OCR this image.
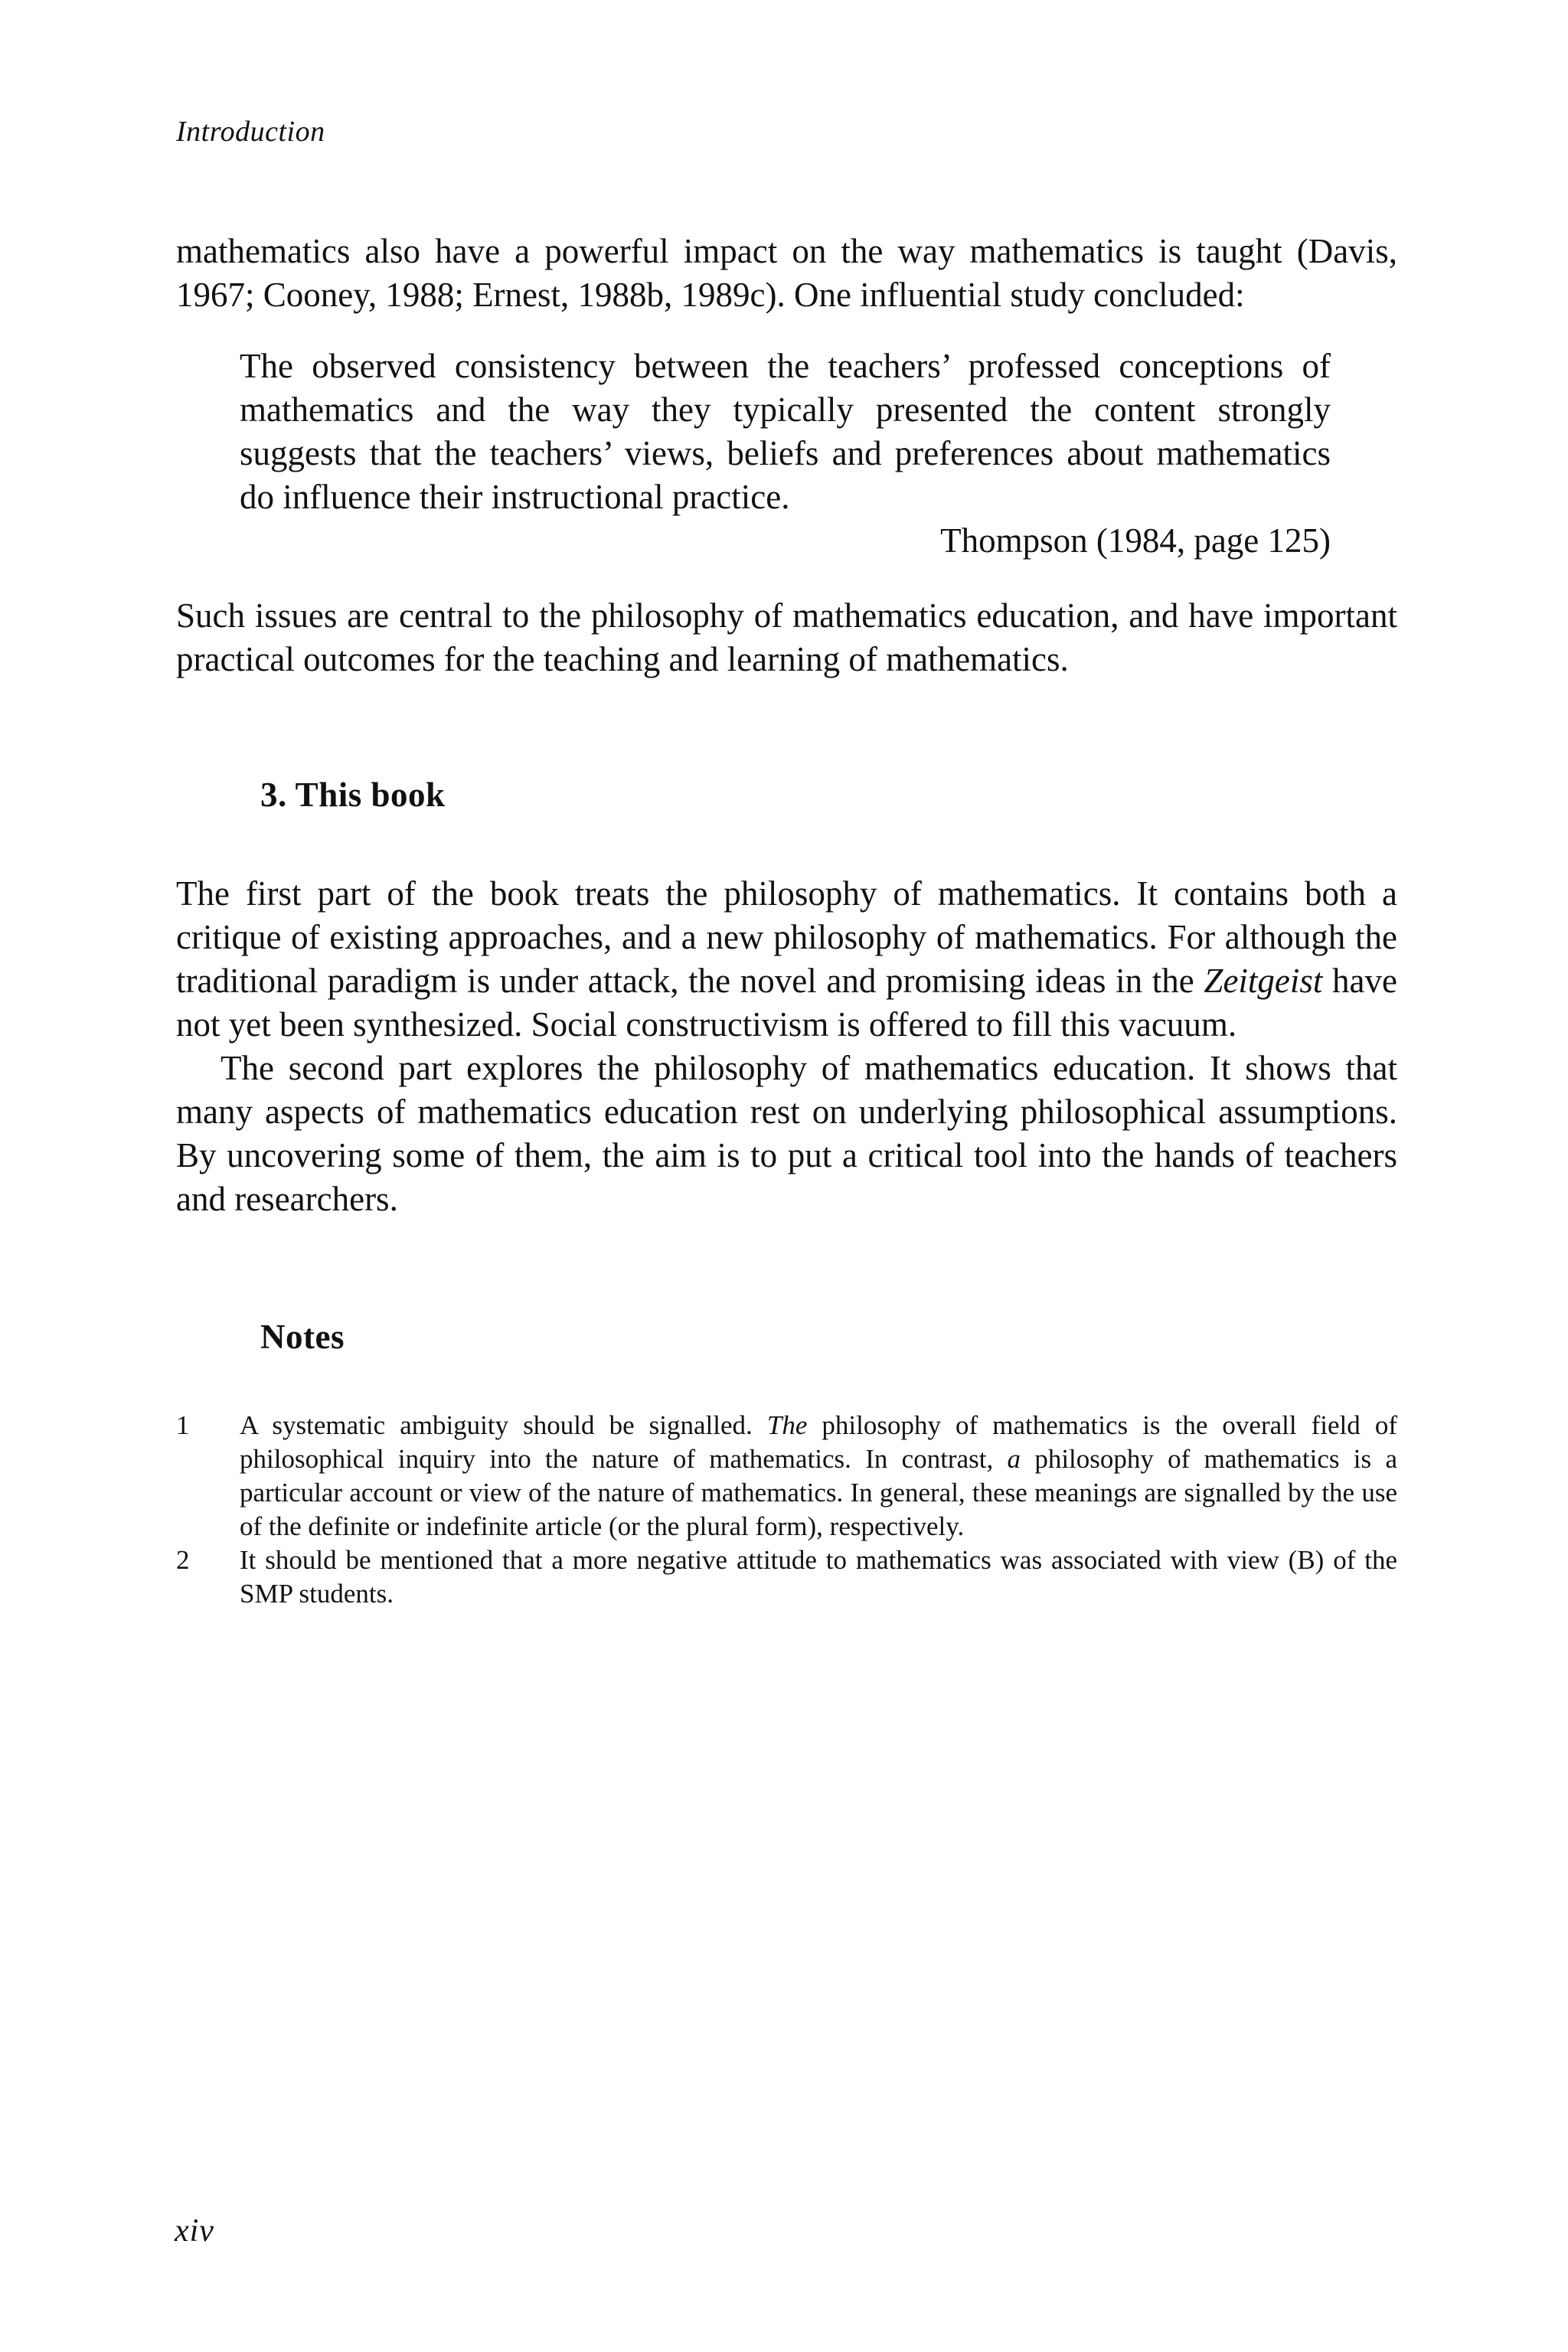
Introduction

mathematics also have a powerful impact on the way mathematics is taught (Davis, 1967; Cooney, 1988; Ernest, 1988b, 1989c). One influential study concluded:

The observed consistency between the teachers’ professed conceptions of mathematics and the way they typically presented the content strongly suggests that the teachers’ views, beliefs and preferences about mathematics do influence their instructional practice.

Thompson (1984, page 125)

Such issues are central to the philosophy of mathematics education, and have important practical outcomes for the teaching and learning of mathematics.

3. This book

The first part of the book treats the philosophy of mathematics. It contains both a critique of existing approaches, and a new philosophy of mathematics. For although the traditional paradigm is under attack, the novel and promising ideas in the Zeitgeist have not yet been synthesized. Social constructivism is offered to fill this vacuum.

The second part explores the philosophy of mathematics education. It shows that many aspects of mathematics education rest on underlying philosophical assumptions. By uncovering some of them, the aim is to put a critical tool into the hands of teachers and researchers.

Notes
1	A systematic ambiguity should be signalled. The philosophy of mathematics is the overall field of philosophical inquiry into the nature of mathematics. In contrast, a philosophy of mathematics is a particular account or view of the nature of mathematics. In general, these meanings are signalled by the use of the definite or indefinite article (or the plural form), respectively.
2	It should be mentioned that a more negative attitude to mathematics was associated with view (B) of the SMP students.
xiv
